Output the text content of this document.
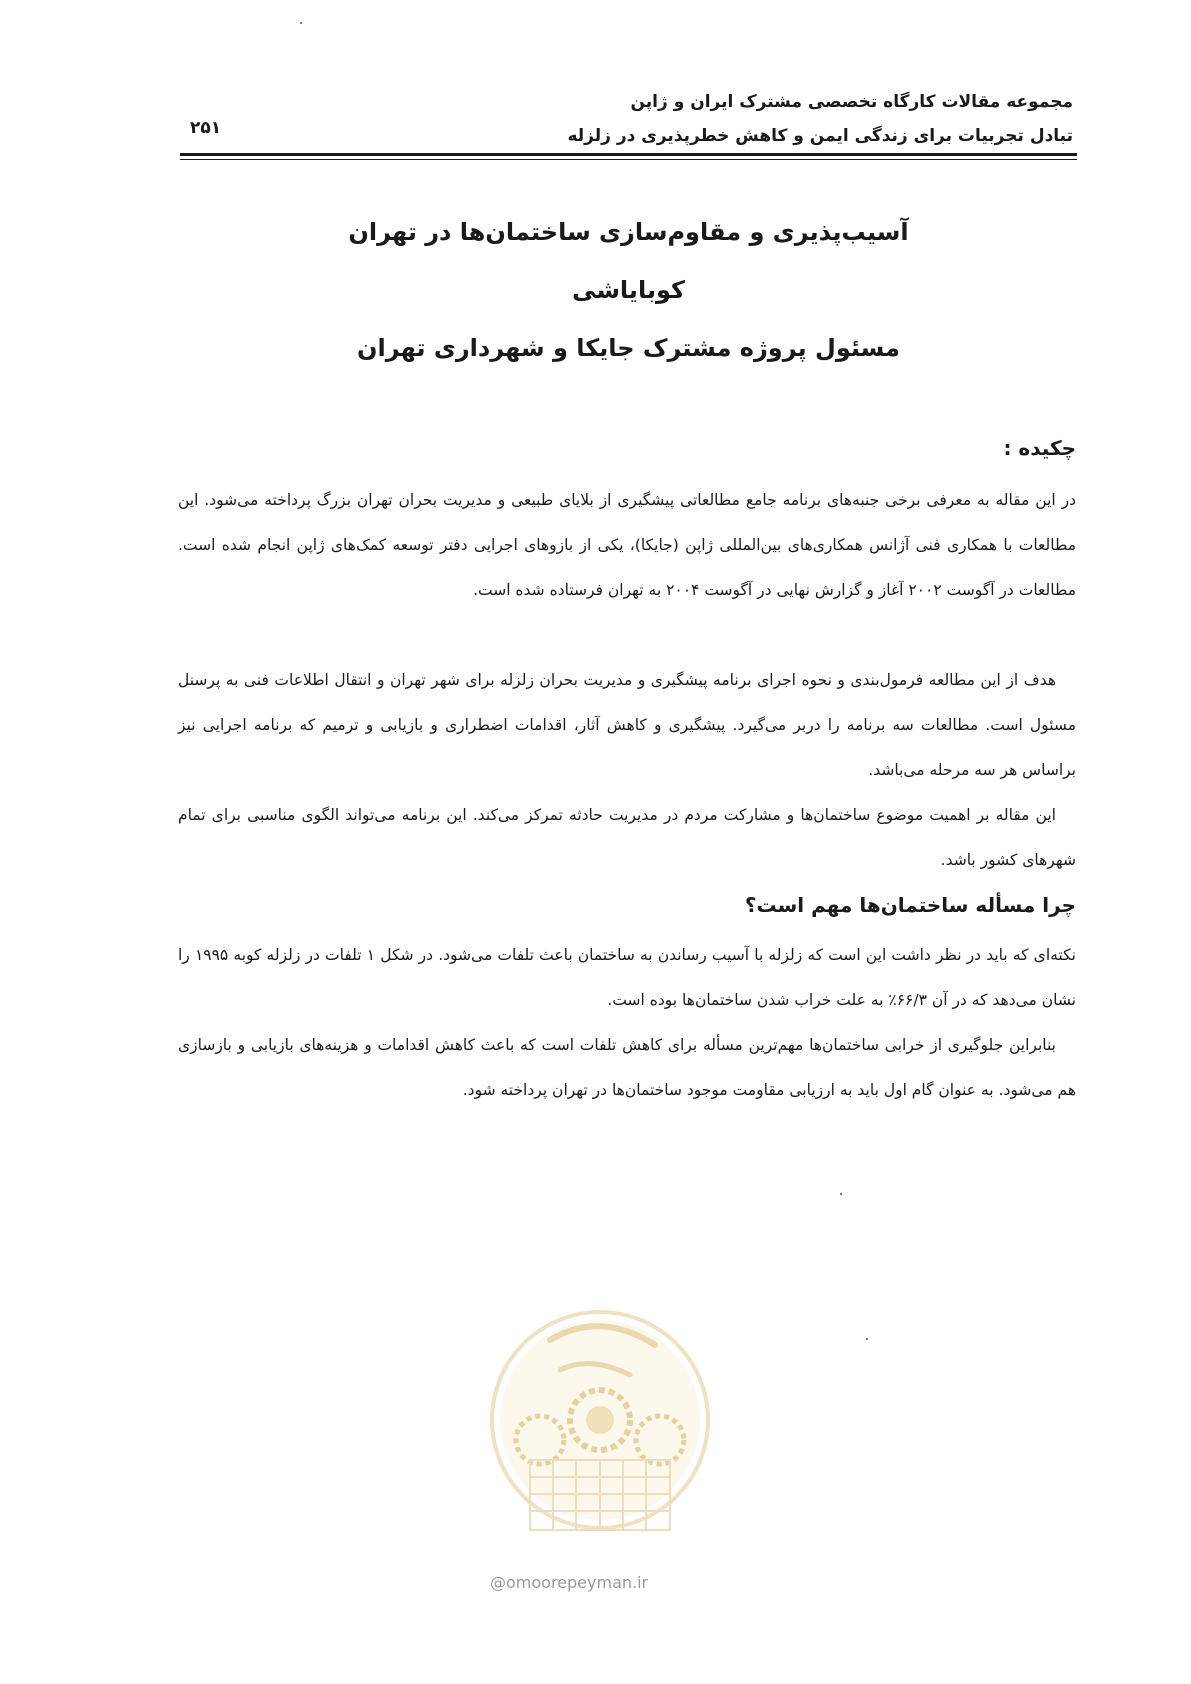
مجموعه مقالات کارگاه تخصصی مشترک ایران و ژاپن
تبادل تجربیات برای زندگی ایمن و کاهش خطرپذیری در زلزله
۲۵۱
آسیب‌پذیری و مقاوم‌سازی ساختمان‌ها در تهران
کوبایاشی
مسئول پروژه مشترک جایکا و شهرداری تهران
چکیده :

در این مقاله به معرفی برخی جنبه‌های برنامه جامع مطالعاتی پیشگیری از بلایای طبیعی و مدیریت بحران تهران بزرگ پرداخته می‌شود. این مطالعات با همکاری فنی آژانس همکاری‌های بین‌المللی ژاپن (جایکا)، یکی از بازوهای اجرایی دفتر توسعه کمک‌های ژاپن انجام شده است. مطالعات در آگوست ۲۰۰۲ آغاز و گزارش نهایی در آگوست ۲۰۰۴ به تهران فرستاده شده است.

هدف از این مطالعه فرمول‌بندی و نحوه اجرای برنامه پیشگیری و مدیریت بحران زلزله برای شهر تهران و انتقال اطلاعات فنی به پرسنل مسئول است. مطالعات سه برنامه را دربر می‌گیرد. پیشگیری و کاهش آثار، اقدامات اضطراری و بازیابی و ترمیم که برنامه اجرایی نیز براساس هر سه مرحله می‌باشد.

این مقاله بر اهمیت موضوع ساختمان‌ها و مشارکت مردم در مدیریت حادثه تمرکز می‌کند. این برنامه می‌تواند الگوی مناسبی برای تمام شهرهای کشور باشد.

چرا مسأله ساختمان‌ها مهم است؟

نکته‌ای که باید در نظر داشت این است که زلزله با آسیب رساندن به ساختمان باعث تلفات می‌شود. در شکل ۱ تلفات در زلزله کوبه ۱۹۹۵ را نشان می‌دهد که در آن ۶۶/۳٪ به علت خراب شدن ساختمان‌ها بوده است.

بنابراین جلوگیری از خرابی ساختمان‌ها مهم‌ترین مسأله برای کاهش تلفات است که باعث کاهش اقدامات و هزینه‌های بازیابی و بازسازی هم می‌شود. به عنوان گام اول باید به ارزیابی مقاومت موجود ساختمان‌ها در تهران پرداخته شود.

@omoorepeyman.ir
